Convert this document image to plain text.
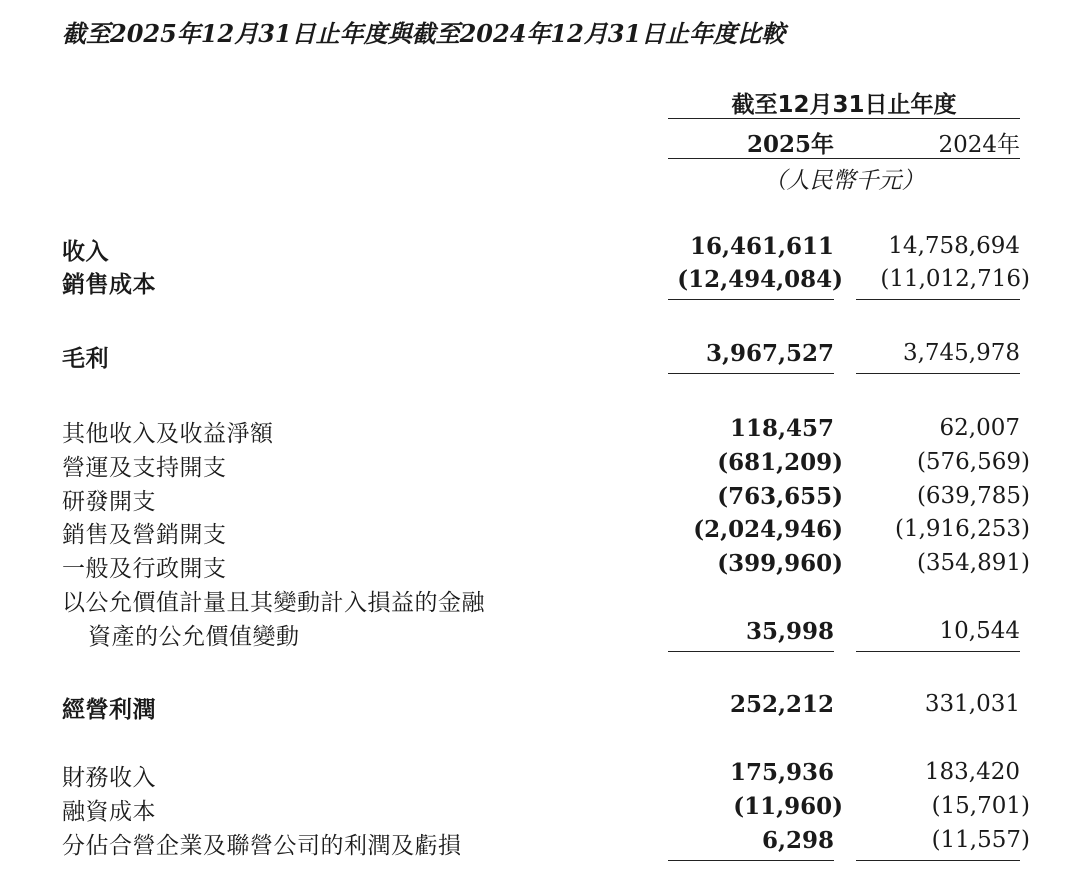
截至2025年12月31日止年度與截至2024年12月31日止年度比較
截至12月31日止年度
2025年	2024年
（人民幣千元）
收入	16,461,611	14,758,694
銷售成本	(12,494,084) (11,012,716)
毛利	3,967,527	3,745,978
其他收入及收益淨額	118,457	62,007
營運及支持開支	(681,209)	(576,569)
研發開支	(763,655)	(639,785)
銷售及營銷開支	(2,024,946) (1,916,253)
一般及行政開支	(399,960)	(354,891)
以公允價值計量且其變動計入損益的金融
資產的公允價值變動	35,998	10,544
經營利潤	252,212	331,031
財務收入	175,936	183,420
融資成本	(11,960)	(15,701)
分佔合營企業及聯營公司的利潤及虧損	6,298	(11,557)
